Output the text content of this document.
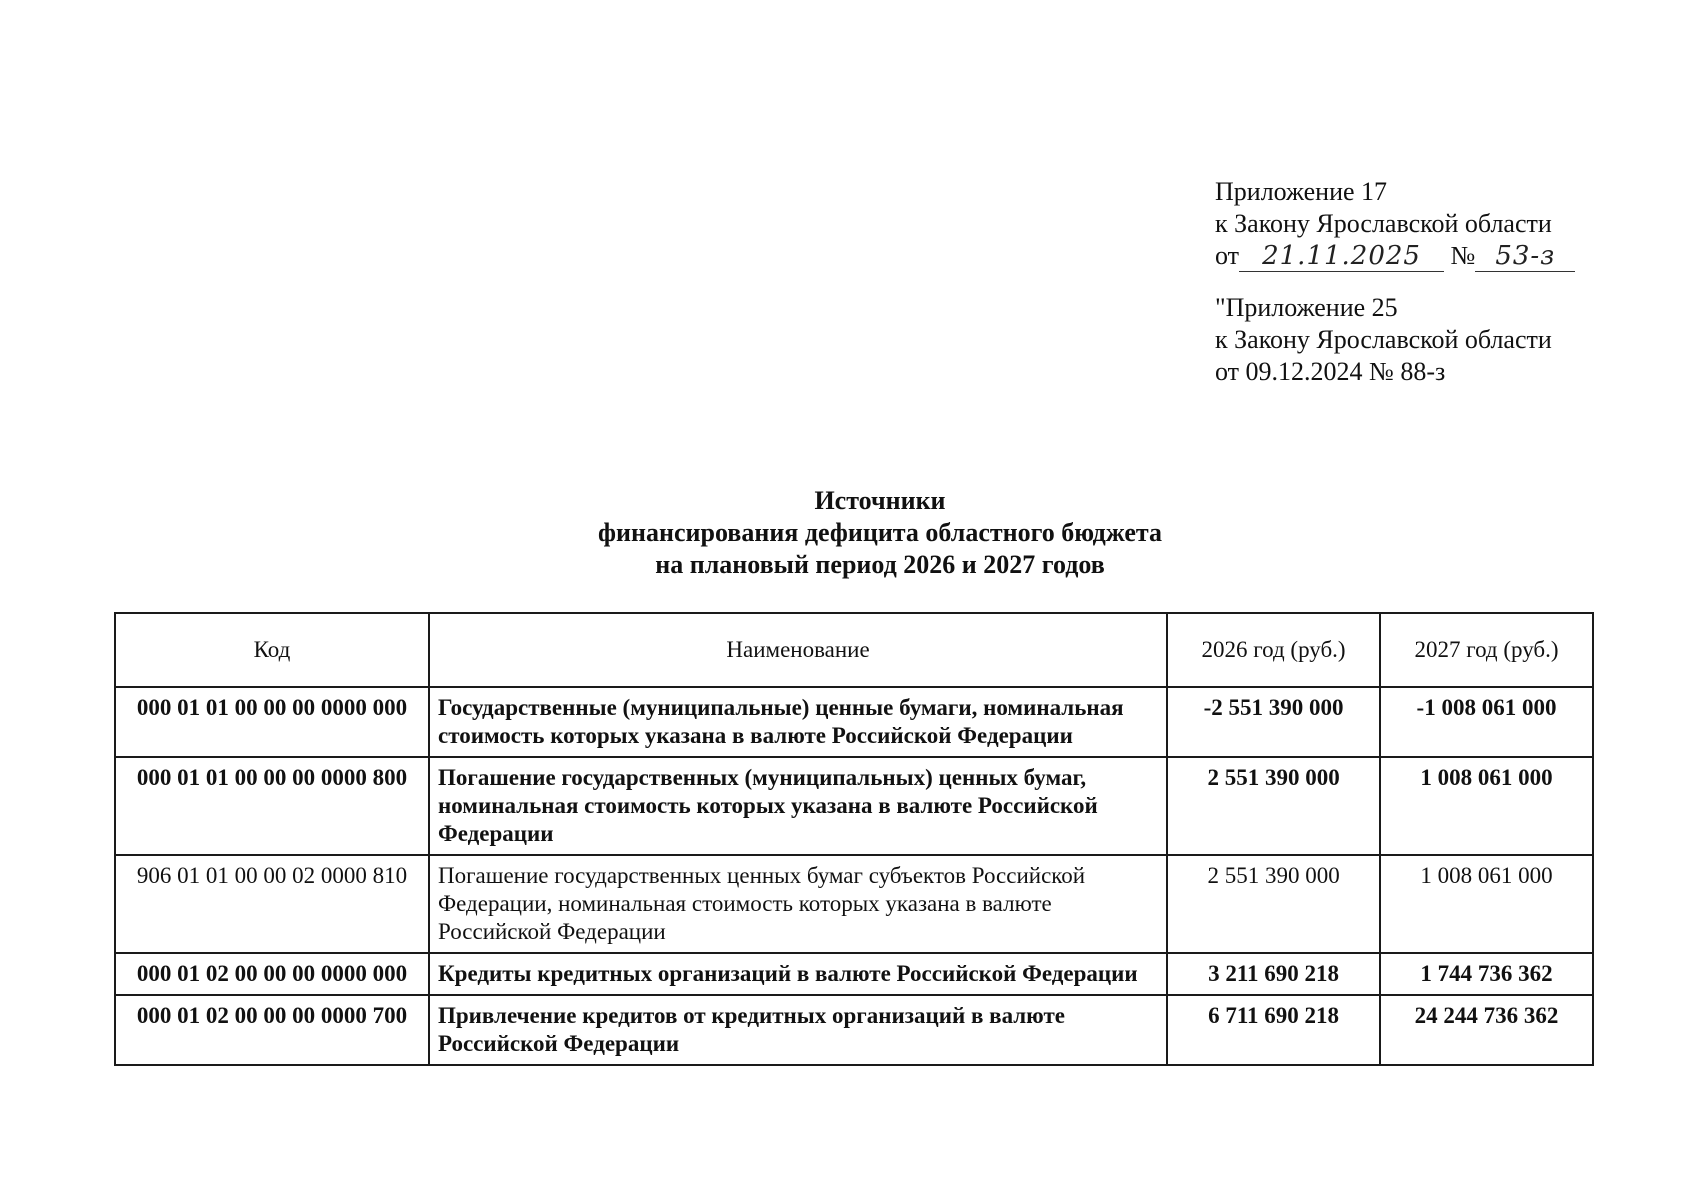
Приложение 17
к Закону Ярославской области
от 21.11.2025 № 53-з
"Приложение 25
к Закону Ярославской области
от 09.12.2024 № 88-з
Источники
финансирования дефицита областного бюджета
на плановый период 2026 и 2027 годов
Код	Наименование	2026 год (руб.)	2027 год (руб.)
000 01 01 00 00 00 0000 000	Государственные (муниципальные) ценные бумаги, номинальная стоимость которых указана в валюте Российской Федерации	-2 551 390 000	-1 008 061 000
000 01 01 00 00 00 0000 800	Погашение государственных (муниципальных) ценных бумаг, номинальная стоимость которых указана в валюте Российской Федерации	2 551 390 000	1 008 061 000
906 01 01 00 00 02 0000 810	Погашение государственных ценных бумаг субъектов Российской Федерации, номинальная стоимость которых указана в валюте Российской Федерации	2 551 390 000	1 008 061 000
000 01 02 00 00 00 0000 000	Кредиты кредитных организаций в валюте Российской Федерации	3 211 690 218	1 744 736 362
000 01 02 00 00 00 0000 700	Привлечение кредитов от кредитных организаций в валюте Российской Федерации	6 711 690 218	24 244 736 362
